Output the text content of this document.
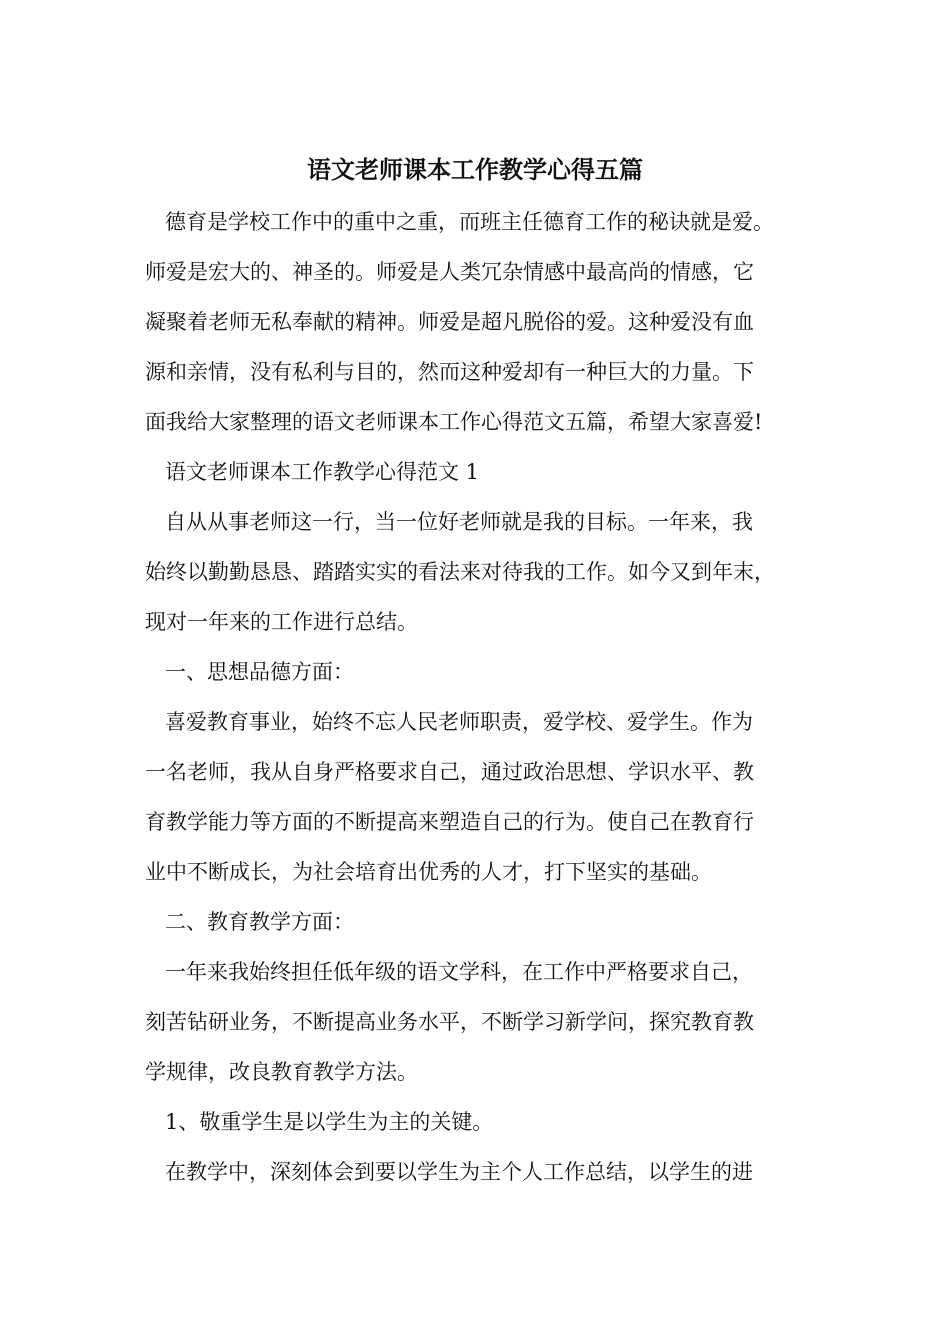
语文老师课本工作教学心得五篇
德育是学校工作中的重中之重，而班主任德育工作的秘诀就是爱。
师爱是宏大的、神圣的。师爱是人类冗杂情感中最高尚的情感，它
凝聚着老师无私奉献的精神。师爱是超凡脱俗的爱。这种爱没有血
源和亲情，没有私利与目的，然而这种爱却有一种巨大的力量。下
面我给大家整理的语文老师课本工作心得范文五篇，希望大家喜爱!
语文老师课本工作教学心得范文 1
自从从事老师这一行，当一位好老师就是我的目标。一年来，我
始终以勤勤恳恳、踏踏实实的看法来对待我的工作。如今又到年末，
现对一年来的工作进行总结。
一、思想品德方面：
喜爱教育事业，始终不忘人民老师职责，爱学校、爱学生。作为
一名老师，我从自身严格要求自己，通过政治思想、学识水平、教
育教学能力等方面的不断提高来塑造自己的行为。使自己在教育行
业中不断成长，为社会培育出优秀的人才，打下坚实的基础。
二、教育教学方面：
一年来我始终担任低年级的语文学科，在工作中严格要求自己，
刻苦钻研业务，不断提高业务水平，不断学习新学问，探究教育教
学规律，改良教育教学方法。
1、敬重学生是以学生为主的关键。
在教学中，深刻体会到要以学生为主个人工作总结，以学生的进
